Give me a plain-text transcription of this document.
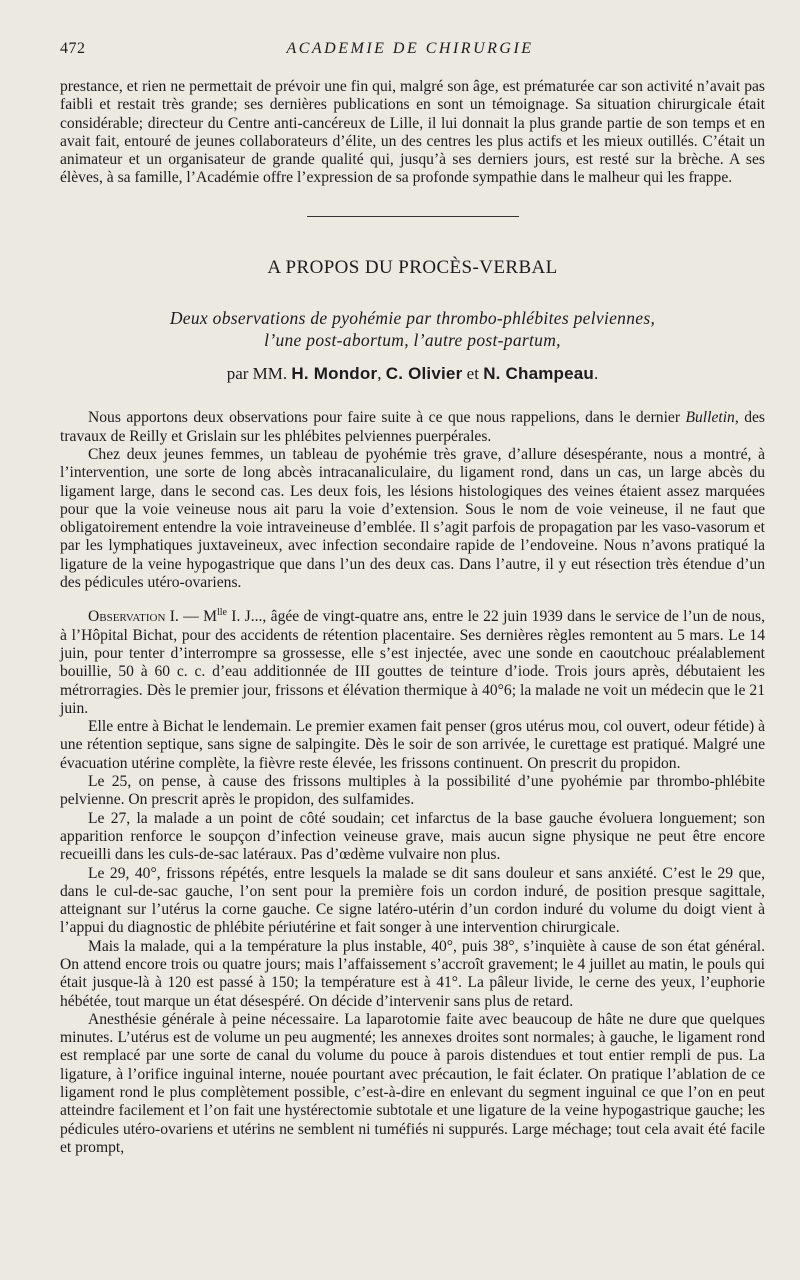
472	ACADEMIE DE CHIRURGIE

prestance, et rien ne permettait de prévoir une fin qui, malgré son âge, est prématurée car son activité n’avait pas faibli et restait très grande; ses dernières publications en sont un témoignage. Sa situation chirurgicale était considérable; directeur du Centre anti-cancéreux de Lille, il lui donnait la plus grande partie de son temps et en avait fait, entouré de jeunes collaborateurs d’élite, un des centres les plus actifs et les mieux outillés. C’était un animateur et un organisateur de grande qualité qui, jusqu’à ses derniers jours, est resté sur la brèche. A ses élèves, à sa famille, l’Académie offre l’expression de sa profonde sympathie dans le malheur qui les frappe.

A PROPOS DU PROCÈS-VERBAL
Deux observations de pyohémie par thrombo-phlébites pelviennes,
l’une post-abortum, l’autre post-partum,
par MM. H. Mondor, C. Olivier et N. Champeau.

Nous apportons deux observations pour faire suite à ce que nous rappelions, dans le dernier Bulletin, des travaux de Reilly et Grislain sur les phlébites pelviennes puerpérales.

Chez deux jeunes femmes, un tableau de pyohémie très grave, d’allure désespérante, nous a montré, à l’intervention, une sorte de long abcès intracanaliculaire, du ligament rond, dans un cas, un large abcès du ligament large, dans le second cas. Les deux fois, les lésions histologiques des veines étaient assez marquées pour que la voie veineuse nous ait paru la voie d’extension. Sous le nom de voie veineuse, il ne faut que obligatoirement entendre la voie intraveineuse d’emblée. Il s’agit parfois de propagation par les vaso-vasorum et par les lymphatiques juxtaveineux, avec infection secondaire rapide de l’endoveine. Nous n’avons pratiqué la ligature de la veine hypogastrique que dans l’un des deux cas. Dans l’autre, il y eut résection très étendue d’un des pédicules utéro-ovariens.

Observation I. — $M^{lle}$ I. J..., âgée de vingt-quatre ans, entre le 22 juin 1939 dans le service de l’un de nous, à l’Hôpital Bichat, pour des accidents de rétention placentaire. Ses dernières règles remontent au 5 mars. Le 14 juin, pour tenter d’interrompre sa grossesse, elle s’est injectée, avec une sonde en caoutchouc préalablement bouillie, 50 à 60 c. c. d’eau additionnée de III gouttes de teinture d’iode. Trois jours après, débutaient les métrorragies. Dès le premier jour, frissons et élévation thermique à 40°6; la malade ne voit un médecin que le 21 juin.

Elle entre à Bichat le lendemain. Le premier examen fait penser (gros utérus mou, col ouvert, odeur fétide) à une rétention septique, sans signe de salpingite. Dès le soir de son arrivée, le curettage est pratiqué. Malgré une évacuation utérine complète, la fièvre reste élevée, les frissons continuent. On prescrit du propidon.

Le 25, on pense, à cause des frissons multiples à la possibilité d’une pyohémie par thrombo-phlébite pelvienne. On prescrit après le propidon, des sulfamides.

Le 27, la malade a un point de côté soudain; cet infarctus de la base gauche évoluera longuement; son apparition renforce le soupçon d’infection veineuse grave, mais aucun signe physique ne peut être encore recueilli dans les culs-de-sac latéraux. Pas d’œdème vulvaire non plus.

Le 29, 40°, frissons répétés, entre lesquels la malade se dit sans douleur et sans anxiété. C’est le 29 que, dans le cul-de-sac gauche, l’on sent pour la première fois un cordon induré, de position presque sagittale, atteignant sur l’utérus la corne gauche. Ce signe latéro-utérin d’un cordon induré du volume du doigt vient à l’appui du diagnostic de phlébite périutérine et fait songer à une intervention chirurgicale.

Mais la malade, qui a la température la plus instable, 40°, puis 38°, s’inquiète à cause de son état général. On attend encore trois ou quatre jours; mais l’affaissement s’accroît gravement; le 4 juillet au matin, le pouls qui était jusque-là à 120 est passé à 150; la température est à 41°. La pâleur livide, le cerne des yeux, l’euphorie hébétée, tout marque un état désespéré. On décide d’intervenir sans plus de retard.

Anesthésie générale à peine nécessaire. La laparotomie faite avec beaucoup de hâte ne dure que quelques minutes. L’utérus est de volume un peu augmenté; les annexes droites sont normales; à gauche, le ligament rond est remplacé par une sorte de canal du volume du pouce à parois distendues et tout entier rempli de pus. La ligature, à l’orifice inguinal interne, nouée pourtant avec précaution, le fait éclater. On pratique l’ablation de ce ligament rond le plus complètement possible, c’est-à-dire en enlevant du segment inguinal ce que l’on en peut atteindre facilement et l’on fait une hystérectomie subtotale et une ligature de la veine hypogastrique gauche; les pédicules utéro-ovariens et utérins ne semblent ni tuméfiés ni suppurés. Large méchage; tout cela avait été facile et prompt,
